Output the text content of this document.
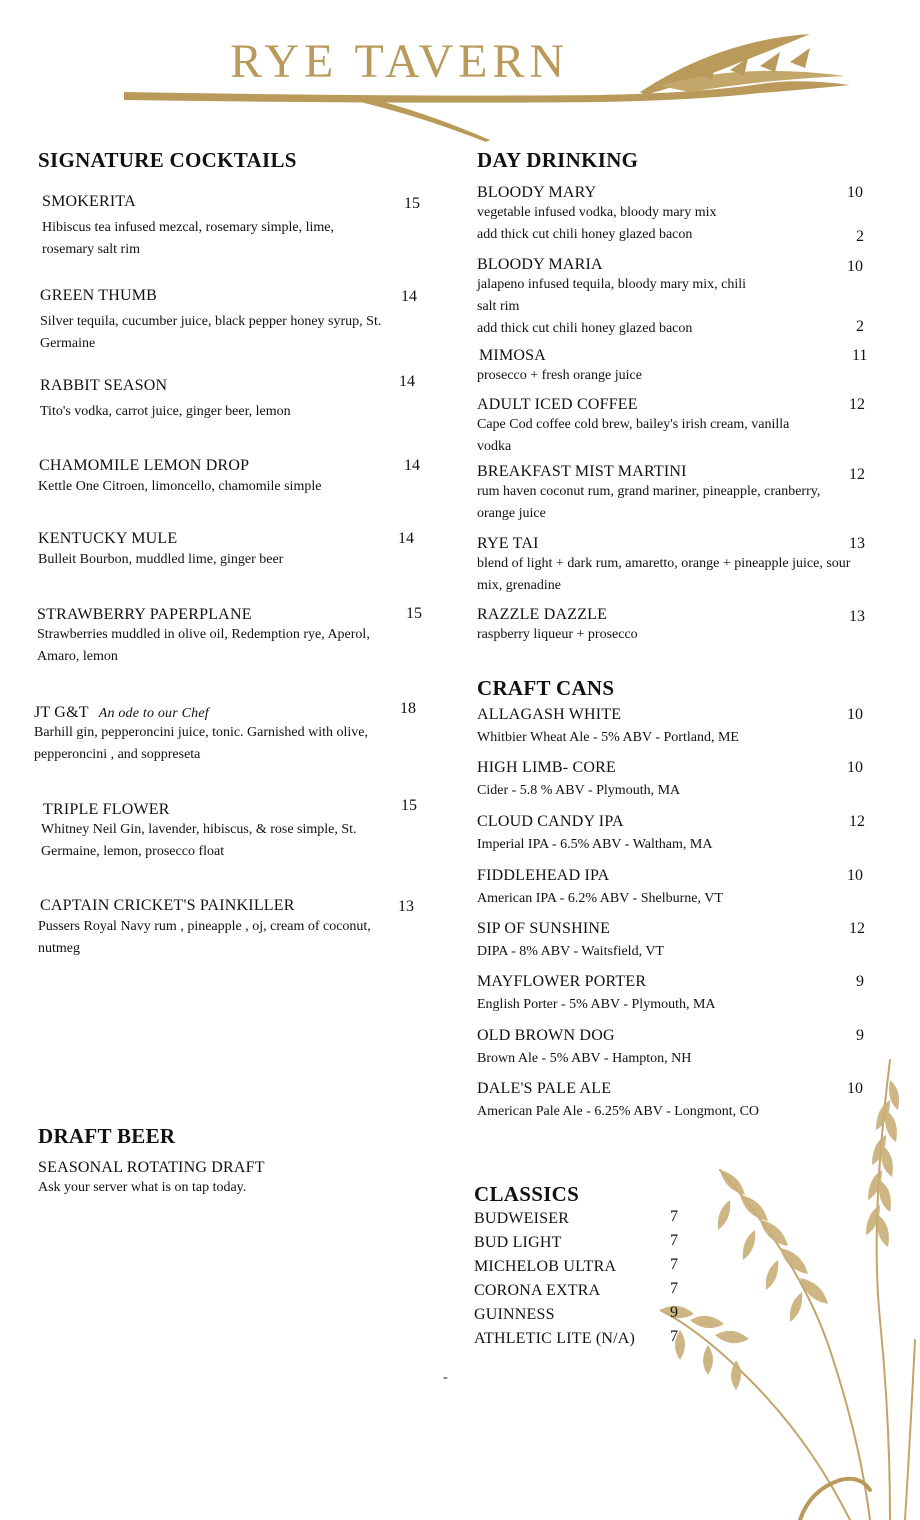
RYE TAVERN
SIGNATURE COCKTAILS
SMOKERITA	15
Hibiscus tea infused mezcal, rosemary simple, lime, rosemary salt rim
GREEN THUMB	14
Silver tequila, cucumber juice, black pepper honey syrup, St. Germaine
RABBIT SEASON	14
Tito's vodka, carrot juice, ginger beer, lemon
CHAMOMILE LEMON DROP	14
Kettle One Citroen, limoncello, chamomile simple
KENTUCKY MULE	14
Bulleit Bourbon, muddled lime, ginger beer
STRAWBERRY PAPERPLANE	15
Strawberries muddled in olive oil, Redemption rye, Aperol, Amaro, lemon
JT G&T An ode to our Chef	18
Barhill gin, pepperoncini juice, tonic. Garnished with olive, pepperoncini , and soppreseta
TRIPLE FLOWER	15
Whitney Neil Gin, lavender, hibiscus, & rose simple, St. Germaine, lemon, prosecco float
CAPTAIN CRICKET'S PAINKILLER	13
Pussers Royal Navy rum , pineapple , oj, cream of coconut, nutmeg
DRAFT BEER
SEASONAL ROTATING DRAFT
Ask your server what is on tap today.
DAY DRINKING
BLOODY MARY	10
vegetable infused vodka, bloody mary mix
add thick cut chili honey glazed bacon	2
BLOODY MARIA	10
jalapeno infused tequila, bloody mary mix, chili salt rim
add thick cut chili honey glazed bacon	2
MIMOSA	11
prosecco + fresh orange juice
ADULT ICED COFFEE	12
Cape Cod coffee cold brew, bailey's irish cream, vanilla vodka
BREAKFAST MIST MARTINI	12
rum haven coconut rum, grand mariner, pineapple, cranberry, orange juice
RYE TAI	13
blend of light + dark rum, amaretto, orange + pineapple juice, sour mix, grenadine
RAZZLE DAZZLE	13
raspberry liqueur + prosecco
CRAFT CANS
ALLAGASH WHITE	10
Whitbier Wheat Ale - 5% ABV - Portland, ME
HIGH LIMB- CORE	10
Cider - 5.8 % ABV - Plymouth, MA
CLOUD CANDY IPA	12
Imperial IPA - 6.5% ABV - Waltham, MA
FIDDLEHEAD IPA	10
American IPA - 6.2% ABV - Shelburne, VT
SIP OF SUNSHINE	12
DIPA - 8% ABV - Waitsfield, VT
MAYFLOWER PORTER	9
English Porter - 5% ABV - Plymouth, MA
OLD BROWN DOG	9
Brown Ale - 5% ABV - Hampton, NH
DALE'S PALE ALE	10
American Pale Ale - 6.25% ABV - Longmont, CO
CLASSICS
BUDWEISER	7
BUD LIGHT	7
MICHELOB ULTRA	7
CORONA EXTRA	7
GUINNESS	9
ATHLETIC LITE (N/A) 7
-
